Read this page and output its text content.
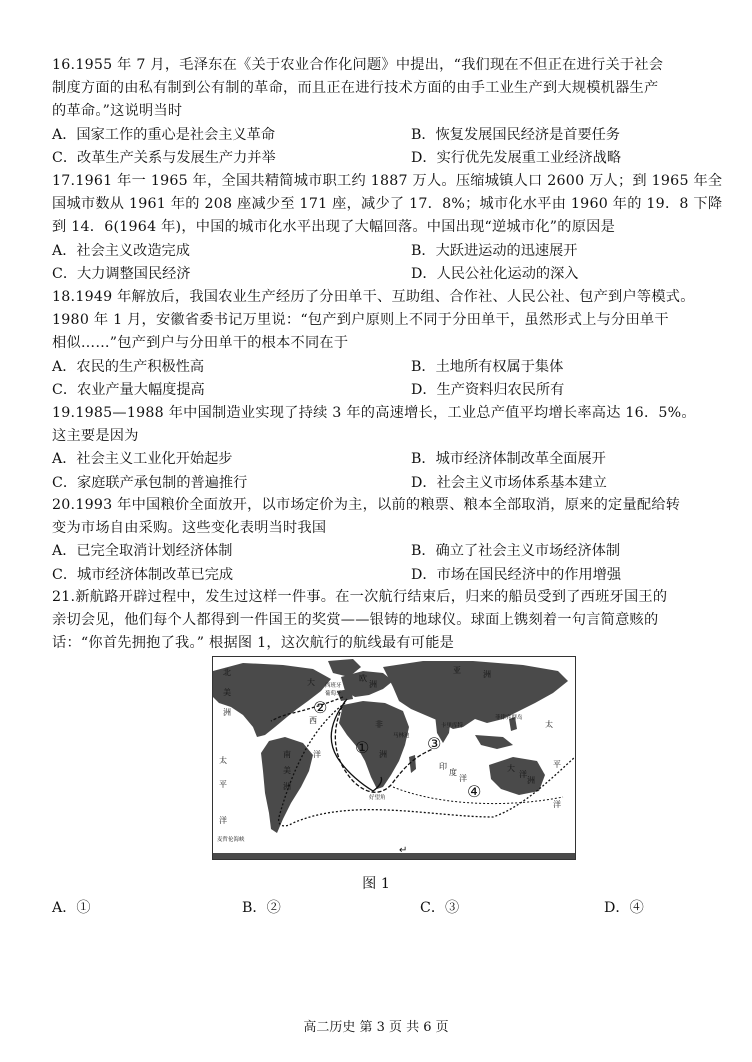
16.1955 年 7 月，毛泽东在《关于农业合作化问题》中提出，“我们现在不但正在进行关于社会
制度方面的由私有制到公有制的革命，而且正在进行技术方面的由手工业生产到大规模机器生产
的革命。”这说明当时
A．国家工作的重心是社会主义革命	B．恢复发展国民经济是首要任务
C．改革生产关系与发展生产力并举	D．实行优先发展重工业经济战略
17.1961 年一 1965 年，全国共精简城市职工约 1887 万人。压缩城镇人口 2600 万人；到 1965 年全
国城市数从 1961 年的 208 座减少至 171 座，减少了 17．8%；城市化水平由 1960 年的 19．8 下降
到 14．6(1964 年)，中国的城市化水平出现了大幅回落。中国出现“逆城市化”的原因是
A．社会主义改造完成	B．大跃进运动的迅速展开
C．大力调整国民经济	D．人民公社化运动的深入
18.1949 年解放后，我国农业生产经历了分田单干、互助组、合作社、人民公社、包产到户等模式。
1980 年 1 月，安徽省委书记万里说：“包产到户原则上不同于分田单干，虽然形式上与分田单干
相似……”包产到户与分田单干的根本不同在于
A．农民的生产积极性高	B．土地所有权属于集体
C．农业产量大幅度提高	D．生产资料归农民所有
19.1985—1988 年中国制造业实现了持续 3 年的高速增长，工业总产值平均增长率高达 16．5%。
这主要是因为
A．社会主义工业化开始起步	B．城市经济体制改革全面展开
C．家庭联产承包制的普遍推行	D．社会主义市场体系基本建立
20.1993 年中国粮价全面放开，以市场定价为主，以前的粮票、粮本全部取消，原来的定量配给转
变为市场自由采购。这些变化表明当时我国
A．已完全取消计划经济体制	B．确立了社会主义市场经济体制
C．城市经济体制改革已完成	D．市场在国民经济中的作用增强
21.新航路开辟过程中，发生过这样一件事。在一次航行结束后，归来的船员受到了西班牙国王的
亲切会见，他们每个人都得到一件国王的奖赏——银铸的地球仪。球面上镌刻着一句言简意赅的
话：“你首先拥抱了我。” 根据图 1，这次航行的航线最有可能是
②
①	③
④
北
美
洲
大
西
洋
太
平
洋
南
美
洲
亚	洲
非
洲
印
度
洋
大
洋
洲
太
平
洋
欧
洲
西班牙
葡萄牙
马林迪
卡里库特
好望角
麦哲伦海峡
菲律宾群岛
↵
图 1
A．①	B．②	C．③	D．④
高二历史 第 3 页 共 6 页
